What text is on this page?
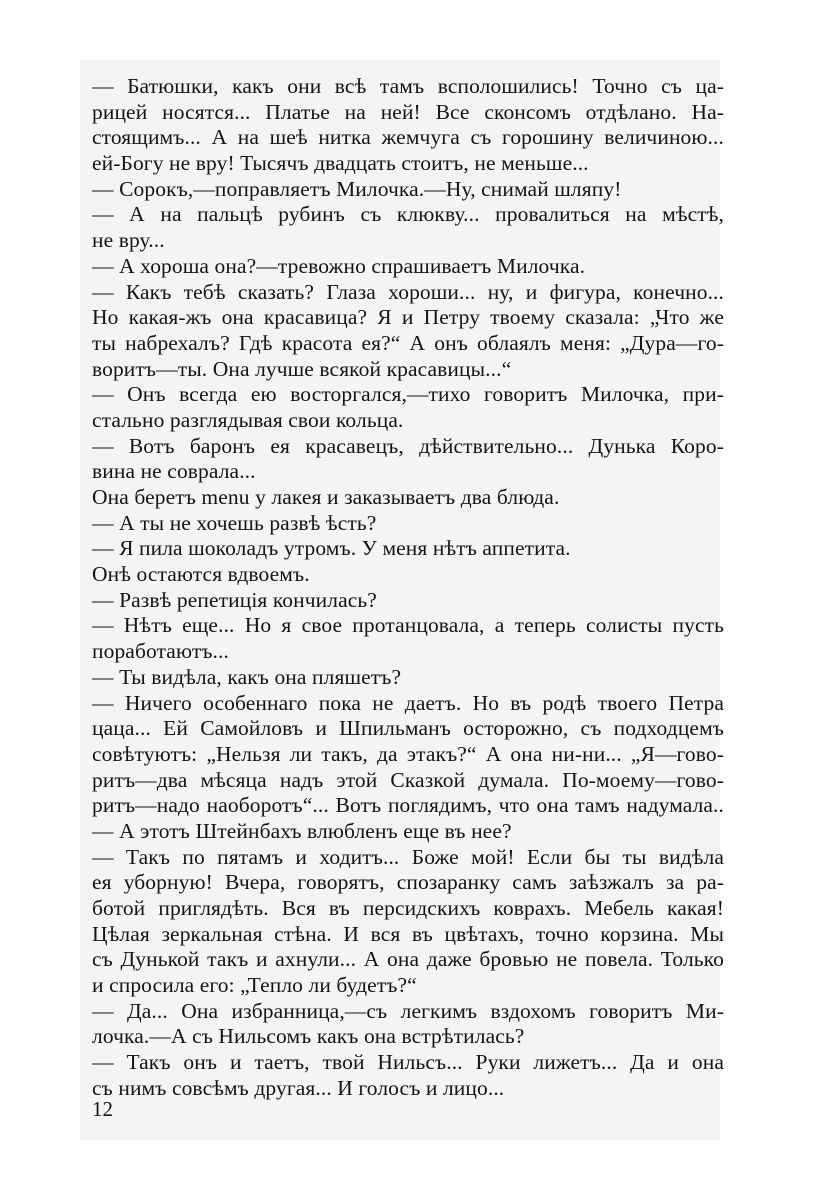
— Батюшки, какъ они всѣ тамъ всполошились! Точно съ ца-
рицей носятся... Платье на ней! Все сконсомъ отдѣлано. На-
стоящимъ... А на шеѣ нитка жемчуга съ горошину величиною...
ей-Богу не вру! Тысячъ двадцать стоитъ, не меньше...
— Сорокъ,—поправляетъ Милочка.—Ну, снимай шляпу!
— А на пальцѣ рубинъ съ клюкву... провалиться на мѣстѣ,
не вру...
— А хороша она?—тревожно спрашиваетъ Милочка.
— Какъ тебѣ сказать? Глаза хороши... ну, и фигура, конечно...
Но какая-жъ она красавица? Я и Петру твоему сказала: „Что же
ты набрехалъ? Гдѣ красота ея?“ А онъ облаялъ меня: „Дура—го-
воритъ—ты. Она лучше всякой красавицы...“
— Онъ всегда ею восторгался,—тихо говоритъ Милочка, при-
стально разглядывая свои кольца.
— Вотъ баронъ ея красавецъ, дѣйствительно... Дунька Коро-
вина не соврала...
Она беретъ menu у лакея и заказываетъ два блюда.
— А ты не хочешь развѣ ѣсть?
— Я пила шоколадъ утромъ. У меня нѣтъ аппетита.
Онѣ остаются вдвоемъ.
— Развѣ репетиція кончилась?
— Нѣтъ еще... Но я свое протанцовала, а теперь солисты пусть
поработаютъ...
— Ты видѣла, какъ она пляшетъ?
— Ничего особеннаго пока не даетъ. Но въ родѣ твоего Петра
цаца... Ей Самойловъ и Шпильманъ осторожно, съ подходцемъ
совѣтуютъ: „Нельзя ли такъ, да этакъ?“ А она ни-ни... „Я—гово-
ритъ—два мѣсяца надъ этой Сказкой думала. По-моему—гово-
ритъ—надо наоборотъ“... Вотъ поглядимъ, что она тамъ надумала..
— А этотъ Штейнбахъ влюбленъ еще въ нее?
— Такъ по пятамъ и ходитъ... Боже мой! Если бы ты видѣла
ея уборную! Вчера, говорятъ, спозаранку самъ заѣзжалъ за ра-
ботой приглядѣть. Вся въ персидскихъ коврахъ. Мебель какая!
Цѣлая зеркальная стѣна. И вся въ цвѣтахъ, точно корзина. Мы
съ Дунькой такъ и ахнули... А она даже бровью не повела. Только
и спросила его: „Тепло ли будетъ?“
— Да... Она избранница,—съ легкимъ вздохомъ говоритъ Ми-
лочка.—А съ Нильсомъ какъ она встрѣтилась?
— Такъ онъ и таетъ, твой Нильсъ... Руки лижетъ... Да и она
съ нимъ совсѣмъ другая... И голосъ и лицо...
12
